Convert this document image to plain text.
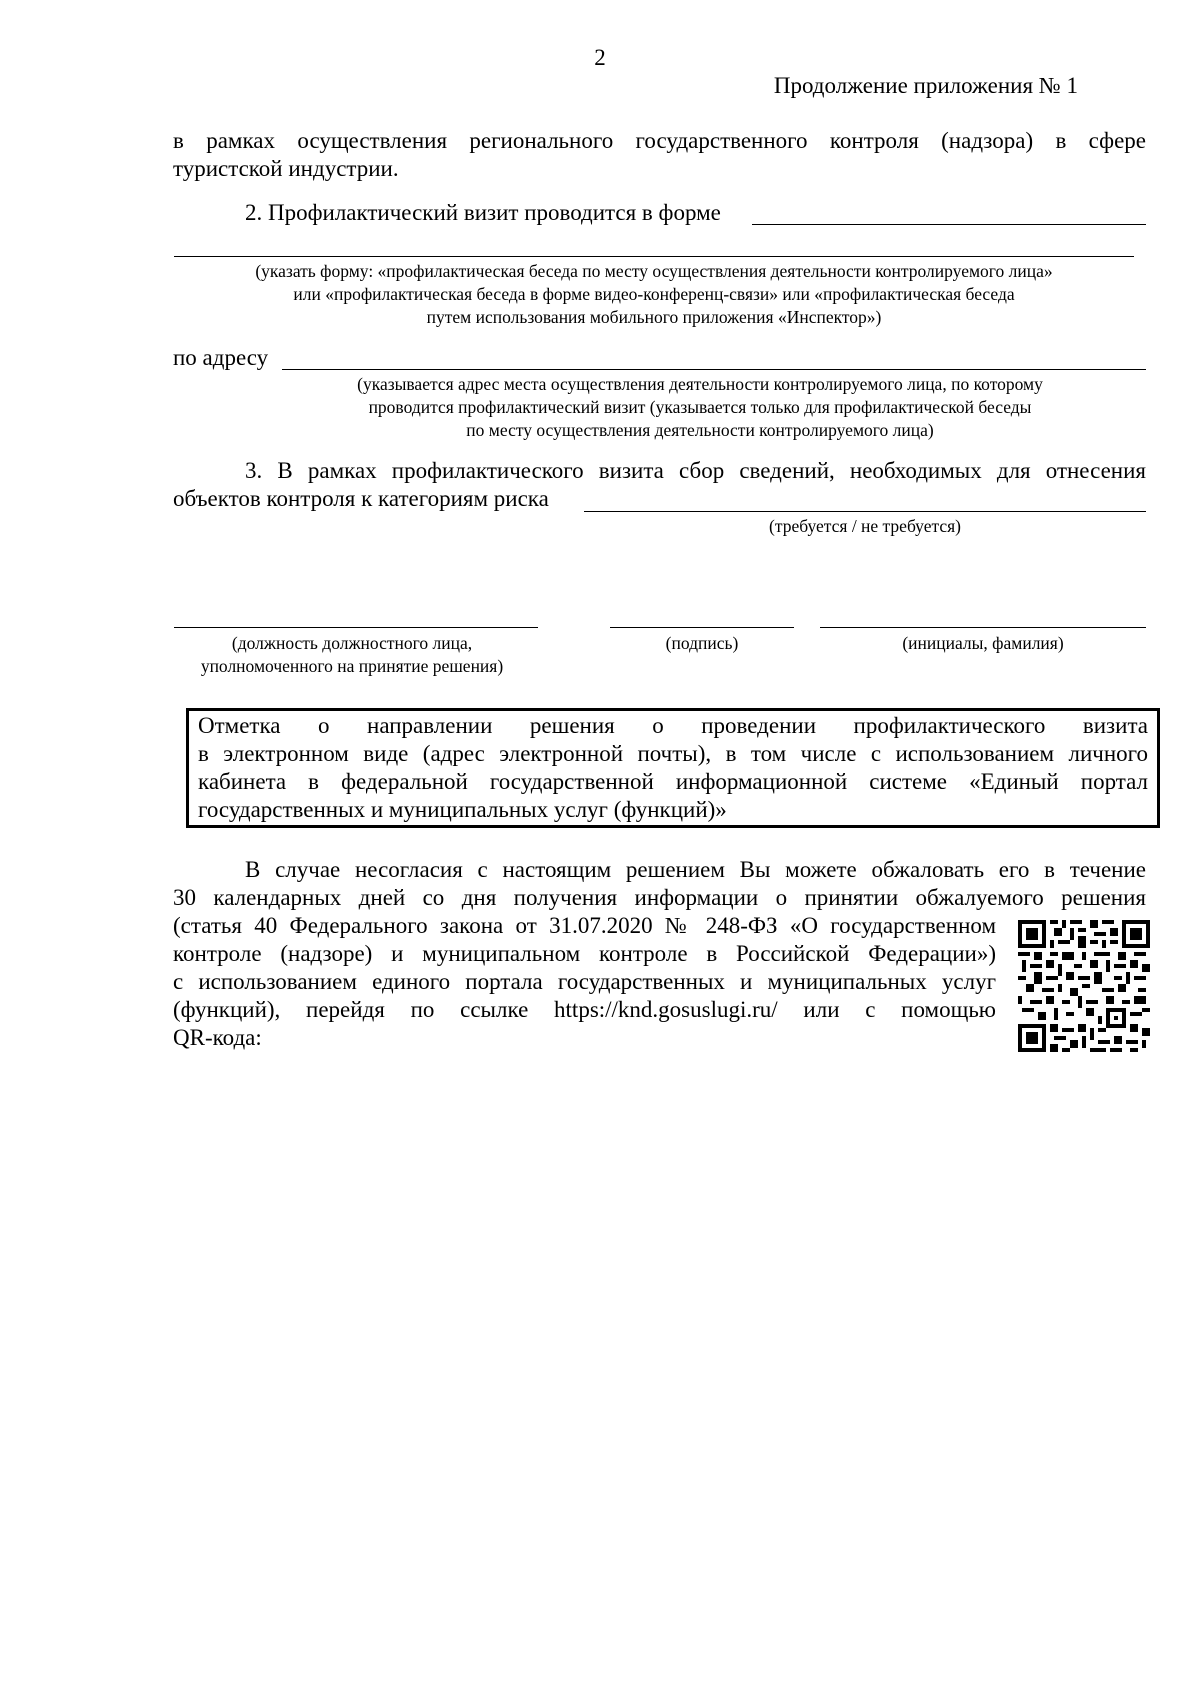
2
Продолжение приложения № 1
в рамках осуществления регионального государственного контроля (надзора) в сфере
туристской индустрии.
2. Профилактический визит проводится в форме
(указать форму: «профилактическая беседа по месту осуществления деятельности контролируемого лица»
или «профилактическая беседа в форме видео-конференц-связи» или «профилактическая беседа
путем использования мобильного приложения «Инспектор»)
по адресу
(указывается адрес места осуществления деятельности контролируемого лица, по которому
проводится профилактический визит (указывается только для профилактической беседы
по месту осуществления деятельности контролируемого лица)
3. В рамках профилактического визита сбор сведений, необходимых для отнесения
объектов контроля к категориям риска
(требуется / не требуется)
(должность должностного лица,
уполномоченного на принятие решения)
(подпись)	(инициалы, фамилия)
Отметка о направлении решения о проведении профилактического визита
в электронном виде (адрес электронной почты), в том числе с использованием личного
кабинета в федеральной государственной информационной системе «Единый портал
государственных и муниципальных услуг (функций)»
В случае несогласия с настоящим решением Вы можете обжаловать его в течение
30 календарных дней со дня получения информации о принятии обжалуемого решения
(статья 40 Федерального закона от 31.07.2020 № 248-ФЗ «О государственном
контроле (надзоре) и муниципальном контроле в Российской Федерации»)
с использованием единого портала государственных и муниципальных услуг
(функций), перейдя по ссылке https://knd.gosuslugi.ru/ или с помощью
QR-кода:
